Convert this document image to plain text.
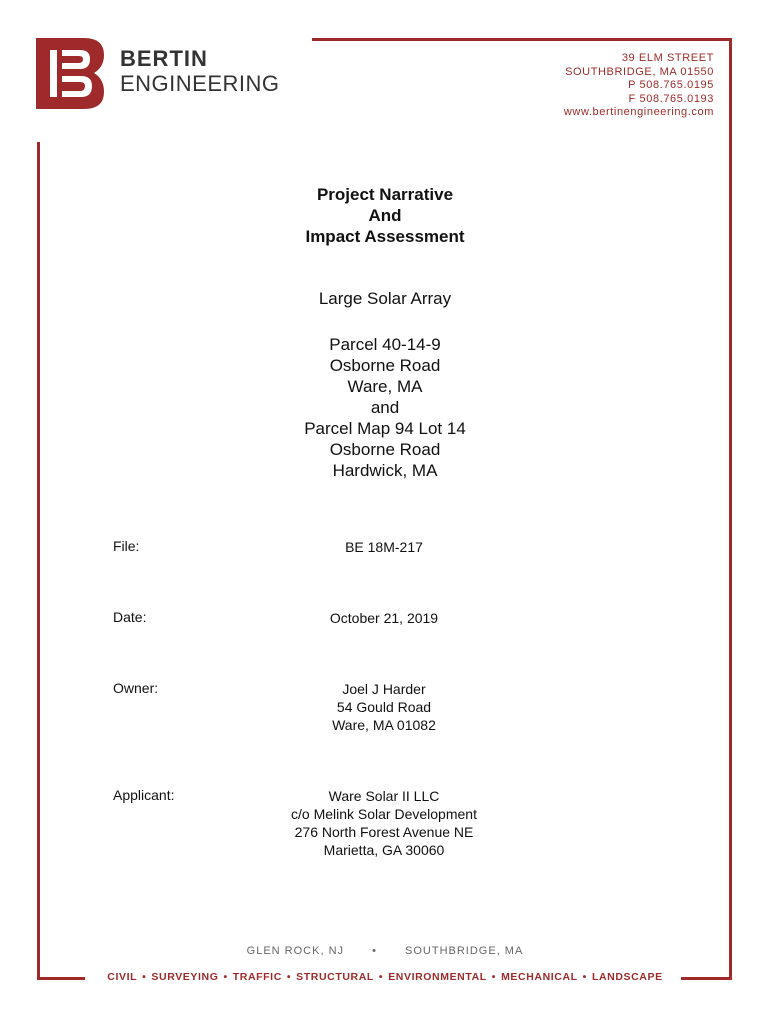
BERTIN
ENGINEERING
39 ELM STREET
SOUTHBRIDGE, MA 01550
P 508.765.0195
F 508.765.0193
www.bertinengineering.com
Project Narrative
And
Impact Assessment
Large Solar Array
Parcel 40-14-9
Osborne Road
Ware, MA
and
Parcel Map 94 Lot 14
Osborne Road
Hardwick, MA
File:	BE 18M-217
Date:	October 21, 2019
Owner:	Joel J Harder
54 Gould Road
Ware, MA 01082
Applicant:	Ware Solar II LLC
c/o Melink Solar Development
276 North Forest Avenue NE
Marietta, GA 30060
GLEN ROCK, NJ	•	SOUTHBRIDGE, MA
CIVIL • SURVEYING • TRAFFIC • STRUCTURAL • ENVIRONMENTAL • MECHANICAL • LANDSCAPE
